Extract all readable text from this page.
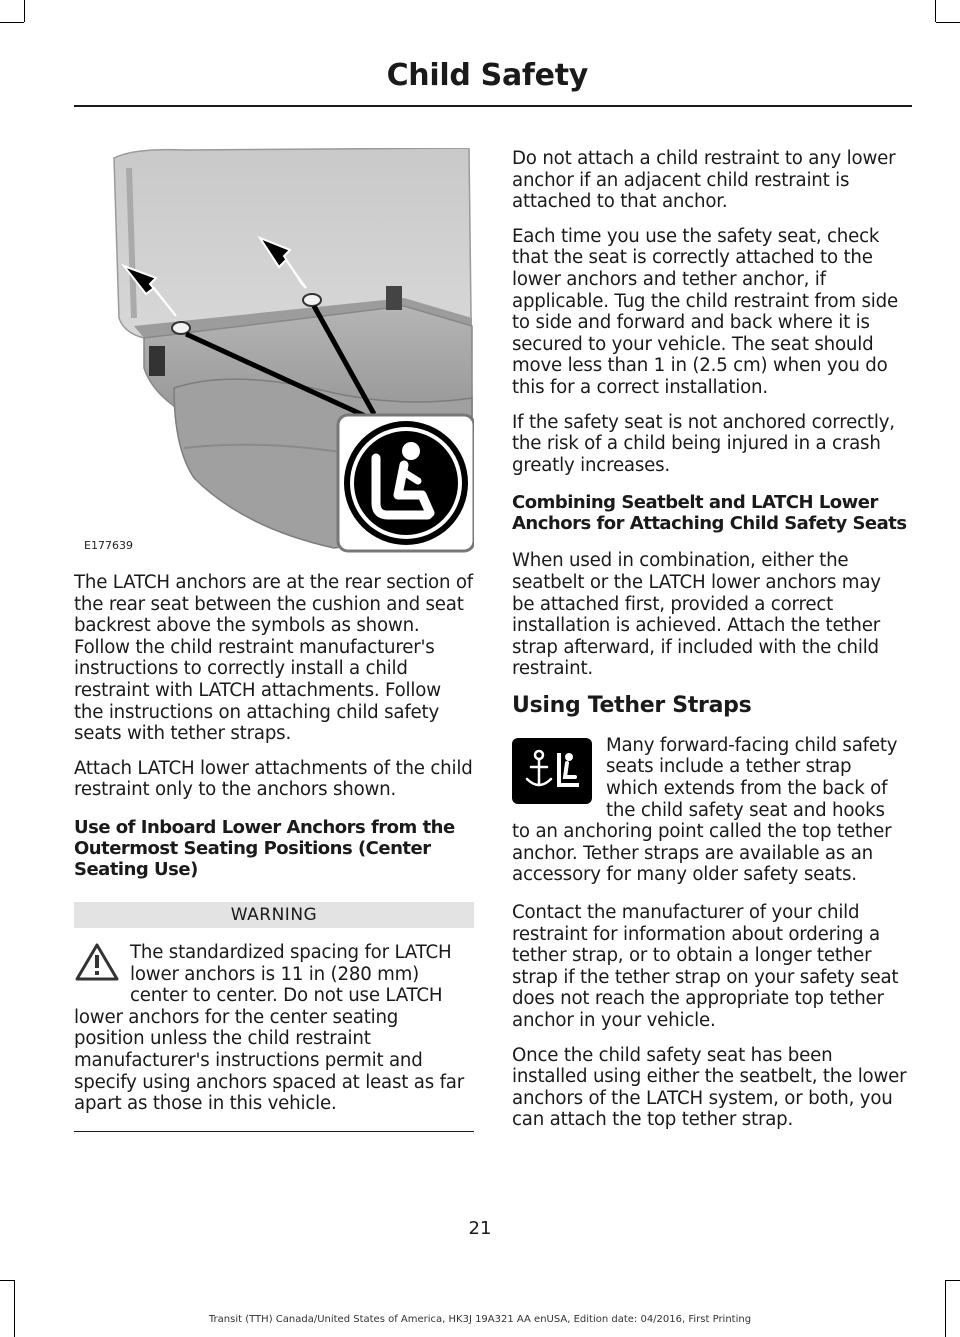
Child Safety
E177639

The LATCH anchors are at the rear section of the rear seat between the cushion and seat backrest above the symbols as shown. Follow the child restraint manufacturer's instructions to correctly install a child restraint with LATCH attachments. Follow the instructions on attaching child safety seats with tether straps.

Attach LATCH lower attachments of the child restraint only to the anchors shown.

Use of Inboard Lower Anchors from the Outermost Seating Positions (Center Seating Use)
WARNING
The standardized spacing for LATCH lower anchors is 11 in (280 mm) center to center. Do not use LATCH lower anchors for the center seating position unless the child restraint manufacturer's instructions permit and specify using anchors spaced at least as far apart as those in this vehicle.

Do not attach a child restraint to any lower anchor if an adjacent child restraint is attached to that anchor.

Each time you use the safety seat, check that the seat is correctly attached to the lower anchors and tether anchor, if applicable. Tug the child restraint from side to side and forward and back where it is secured to your vehicle. The seat should move less than 1 in (2.5 cm) when you do this for a correct installation.

If the safety seat is not anchored correctly, the risk of a child being injured in a crash greatly increases.

Combining Seatbelt and LATCH Lower Anchors for Attaching Child Safety Seats

When used in combination, either the seatbelt or the LATCH lower anchors may be attached first, provided a correct installation is achieved. Attach the tether strap afterward, if included with the child restraint.

Using Tether Straps

Many forward-facing child safety seats include a tether strap which extends from the back of the child safety seat and hooks to an anchoring point called the top tether anchor. Tether straps are available as an accessory for many older safety seats.

Contact the manufacturer of your child restraint for information about ordering a tether strap, or to obtain a longer tether strap if the tether strap on your safety seat does not reach the appropriate top tether anchor in your vehicle.

Once the child safety seat has been installed using either the seatbelt, the lower anchors of the LATCH system, or both, you can attach the top tether strap.

21
Transit (TTH) Canada/United States of America, HK3J 19A321 AA enUSA, Edition date: 04/2016, First Printing
